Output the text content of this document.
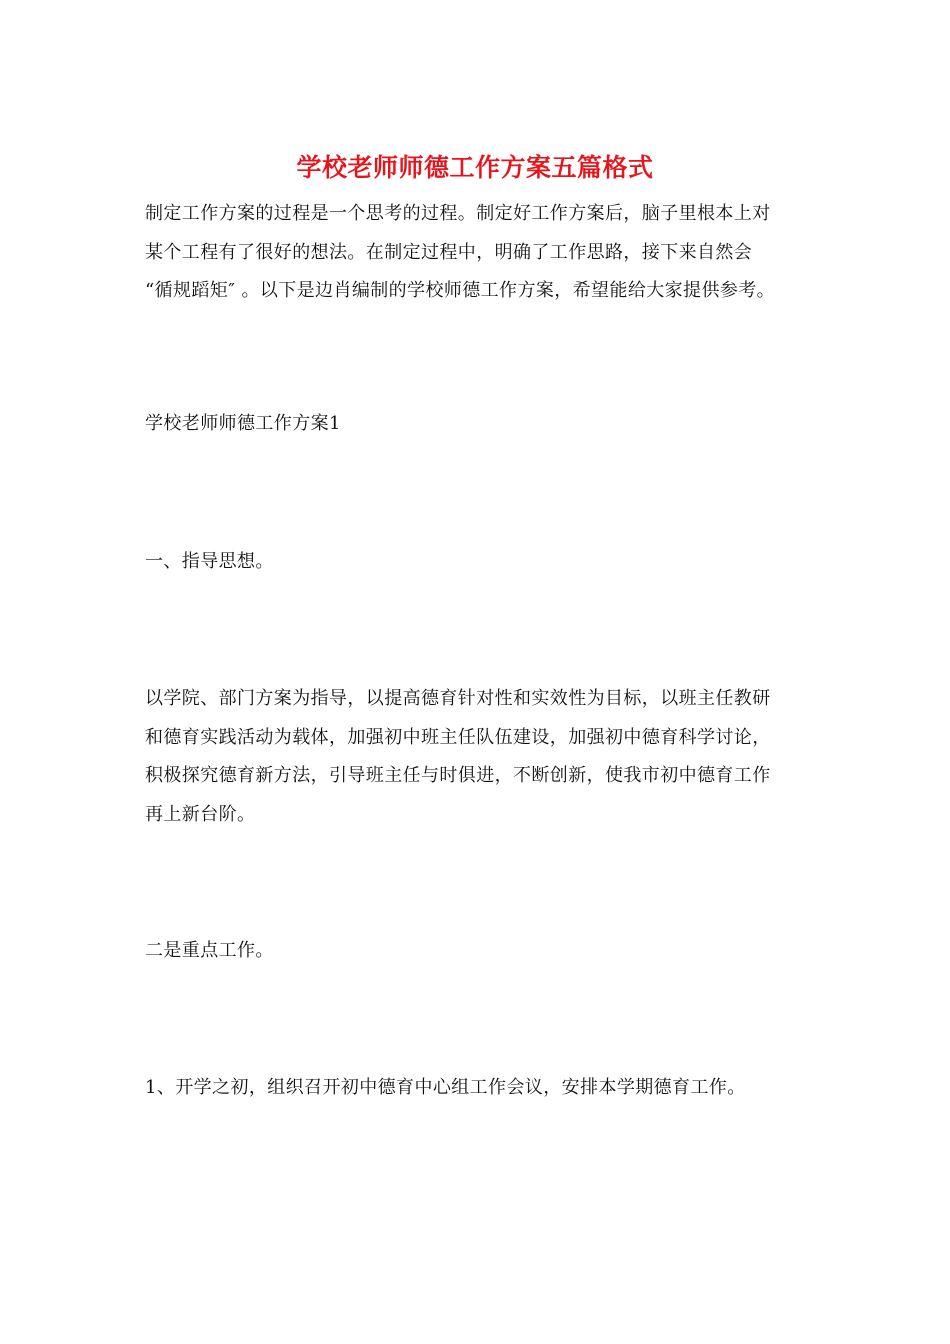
学校老师师德工作方案五篇格式
制定工作方案的过程是一个思考的过程。制定好工作方案后，脑子里根本上对
某个工程有了很好的想法。在制定过程中，明确了工作思路，接下来自然会
“循规蹈矩″ 。以下是边肖编制的学校师德工作方案，希望能给大家提供参考。
学校老师师德工作方案1
一、指导思想。
以学院、部门方案为指导，以提高德育针对性和实效性为目标，以班主任教研
和德育实践活动为载体，加强初中班主任队伍建设，加强初中德育科学讨论，
积极探究德育新方法，引导班主任与时俱进，不断创新，使我市初中德育工作
再上新台阶。
二是重点工作。
1、开学之初，组织召开初中德育中心组工作会议，安排本学期德育工作。
